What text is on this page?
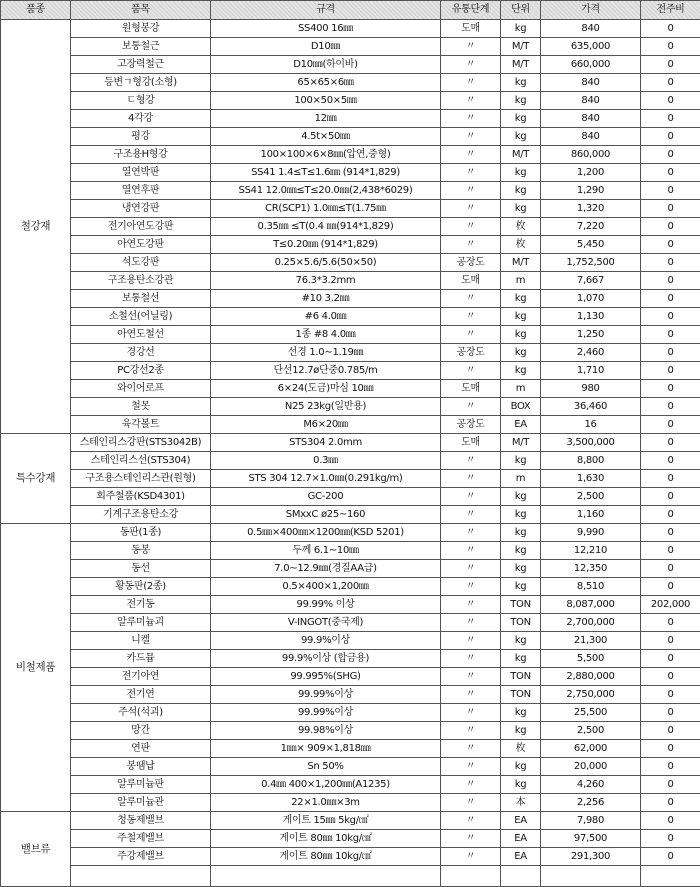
품종	품목	규격	유통단계	단위	가격	전주비
철강재	원형봉강	SS400 16㎜	도매	kg	840	0
	보통철근	D10㎜	〃	M/T	635,000	0
	고장력철근	D10㎜(하이바)	〃	M/T	660,000	0
	등변ㄱ형강(소형)	65×65×6㎜	〃	kg	840	0
	ㄷ형강	100×50×5㎜	〃	kg	840	0
	4각강	12㎜	〃	kg	840	0
	평강	4.5t×50㎜	〃	kg	840	0
	구조용H형강	100×100×6×8㎜(압연,중형)	〃	M/T	860,000	0
	열연박판	SS41 1.4≤T≤1.6㎜ (914*1,829)	〃	kg	1,200	0
	열연후판	SS41 12.0㎜≤T≤20.0㎜(2,438*6029)	〃	kg	1,290	0
	냉연강판	CR(SCP1) 1.0㎜≤T(1.75㎜	〃	kg	1,320	0
	전기아연도강판	0.35㎜ ≤T(0.4 ㎜(914*1,829)	〃	枚	7,220	0
	아연도강판	T≤0.20㎜ (914*1,829)	〃	枚	5,450	0
	석도강판	0.25×5.6/5.6(50×50)	공장도	M/T	1,752,500	0
	구조용탄소강관	76.3*3.2mm	도매	m	7,667	0
	보통철선	#10 3.2㎜	〃	kg	1,070	0
	소철선(어닐링)	#6 4.0㎜	〃	kg	1,130	0
	아연도철선	1종 #8 4.0㎜	〃	kg	1,250	0
	경강선	선경 1.0∼1.19㎜	공장도	kg	2,460	0
	PC강선2종	단선12.7ø단중0.785/m	〃	kg	1,710	0
	와이어로프	6×24(도금)마심 10㎜	도매	m	980	0
	철못	N25 23kg(일반용)	〃	BOX	36,460	0
	육각볼트	M6×20㎜	공장도	EA	16	0
특수강재	스테인리스강판(STS3042B)	STS304 2.0mm	도매	M/T	3,500,000	0
	스테인리스선(STS304)	0.3㎜	〃	kg	8,800	0
	구조용스테인리스관(원형)	STS 304 12.7×1.0㎜(0.291kg/m)	〃	m	1,630	0
	회주철품(KSD4301)	GC-200	〃	kg	2,500	0
	기계구조용탄소강	SMxxC ø25∼160	〃	kg	1,160	0
비철제품	동판(1종)	0.5㎜×400㎜×1200㎜(KSD 5201)	〃	kg	9,990	0
	동봉	두께 6.1∼10㎜	〃	kg	12,210	0
	동선	7.0∼12.9㎜(경질AA급)	〃	kg	12,350	0
	황동판(2종)	0.5×400×1,200㎜	〃	kg	8,510	0
	전기동	99.99% 이상	〃	TON	8,087,000	202,000
	알루미늄괴	V-INGOT(중국제)	〃	TON	2,700,000	0
	니켈	99.9%이상	〃	kg	21,300	0
	카드뮴	99.9%이상 (합금용)	〃	kg	5,500	0
	전기아연	99.995%(SHG)	〃	TON	2,880,000	0
	전기연	99.99%이상	〃	TON	2,750,000	0
	주석(석괴)	99.99%이상	〃	kg	25,500	0
	망간	99.98%이상	〃	kg	2,500	0
	연판	1㎜× 909×1,818㎜	〃	枚	62,000	0
	봉땜납	Sn 50%	〃	kg	20,000	0
	알루미늄판	0.4㎜ 400×1,200㎜(A1235)	〃	kg	4,260	0
	알루미늄관	22×1.0㎜×3m	〃	本	2,256	0
밸브류	청동제밸브	게이트 15㎜ 5kg/㎠	〃	EA	7,980	0
	주철제밸브	게이트 80㎜ 10kg/㎠	〃	EA	97,500	0
	주강제밸브	게이트 80㎜ 10kg/㎠	〃	EA	291,300	0
